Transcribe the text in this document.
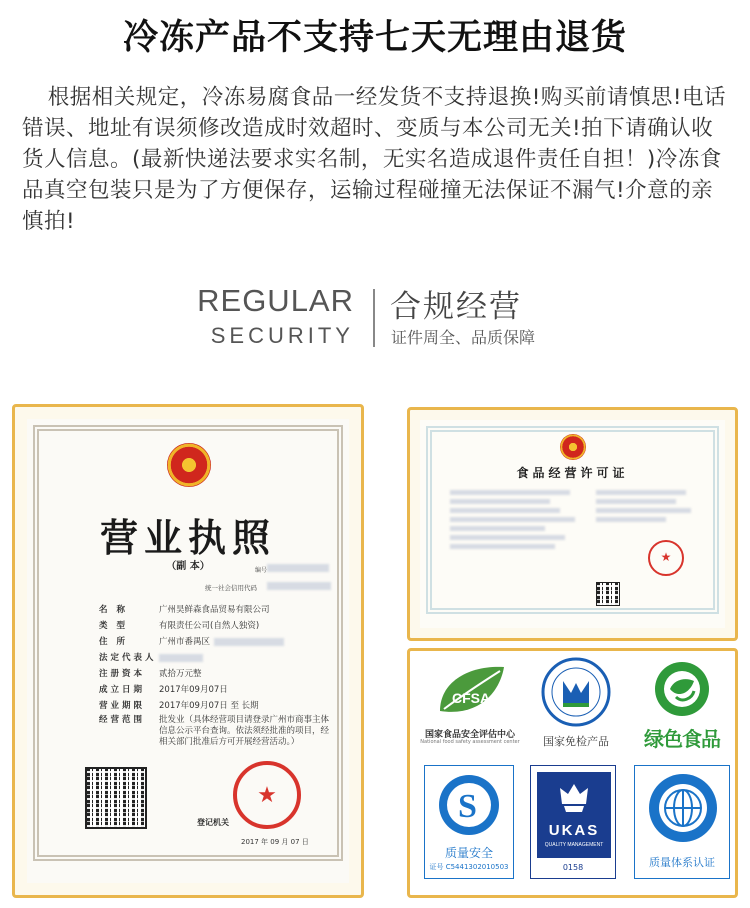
冷冻产品不支持七天无理由退货

根据相关规定，冷冻易腐食品一经发货不支持退换!购买前请慎思!电话错误、地址有误须修改造成时效超时、变质与本公司无关!拍下请确认收货人信息。(最新快递法要求实名制，无实名造成退件责任自担！)冷冻食品真空包装只是为了方便保存，运输过程碰撞无法保证不漏气!介意的亲慎拍!

REGULAR
SECURITY
合规经营
证件周全、品质保障
营业执照
（副 本）	编号
统一社会信用代码
名 称	广州昊鲜森食品贸易有限公司
类 型	有限责任公司(自然人独资)
住 所	广州市番禺区
法定代表人
注册资本 贰拾万元整
成立日期 2017年09月07日
营业期限 2017年09月07日 至 长期
经营范围	批发业（具体经营项目请登录广州市商事主体信息公示平台查询。依法须经批准的项目，经相关部门批准后方可开展经营活动。）
登记机关
★
2017 年 09 月 07 日
食品经营许可证
★
CFSA
国家食品安全评估中心
National food safety assessment center	国家免检产品	绿色食品
S
质量安全
证号 C5441302010503
UKAS
QUALITY MANAGEMENT
0158	质量体系认证
